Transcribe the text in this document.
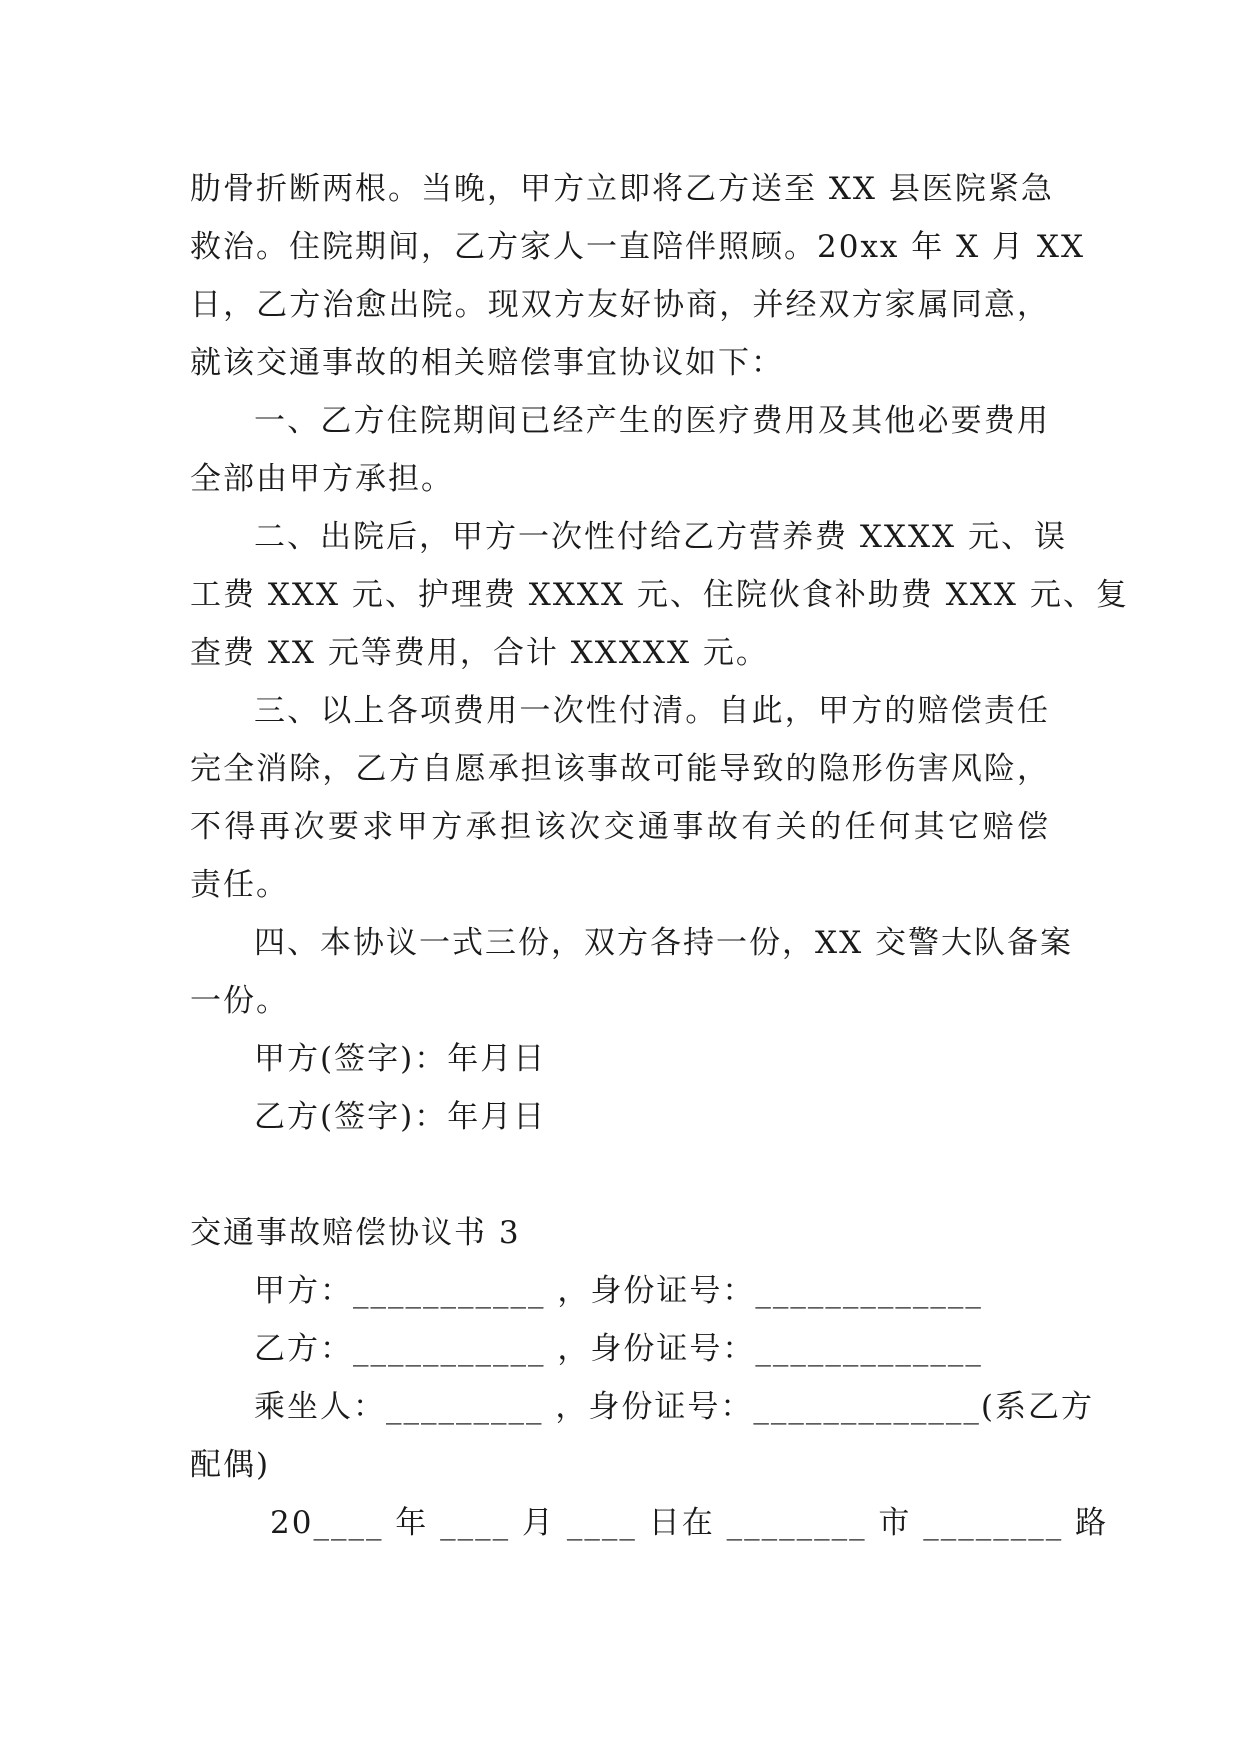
肋骨折断两根。当晚，甲方立即将乙方送至 XX 县医院紧急
救治。住院期间，乙方家人一直陪伴照顾。20xx 年 X 月 XX
日，乙方治愈出院。现双方友好协商，并经双方家属同意，
就该交通事故的相关赔偿事宜协议如下：
一、乙方住院期间已经产生的医疗费用及其他必要费用
全部由甲方承担。
二、出院后，甲方一次性付给乙方营养费 XXXX 元、误
工费 XXX 元、护理费 XXXX 元、住院伙食补助费 XXX 元、复
查费 XX 元等费用，合计 XXXXX 元。
三、以上各项费用一次性付清。自此，甲方的赔偿责任
完全消除，乙方自愿承担该事故可能导致的隐形伤害风险，
不得再次要求甲方承担该次交通事故有关的任何其它赔偿
责任。
四、本协议一式三份，双方各持一份，XX 交警大队备案
一份。
甲方(签字)：年月日
乙方(签字)：年月日
交通事故赔偿协议书 3
甲方：___________ ，身份证号：_____________
乙方：___________ ，身份证号：_____________
乘坐人：_________ ，身份证号：_____________(系乙方
配偶)
20____ 年 ____ 月 ____ 日在 ________ 市 ________ 路
